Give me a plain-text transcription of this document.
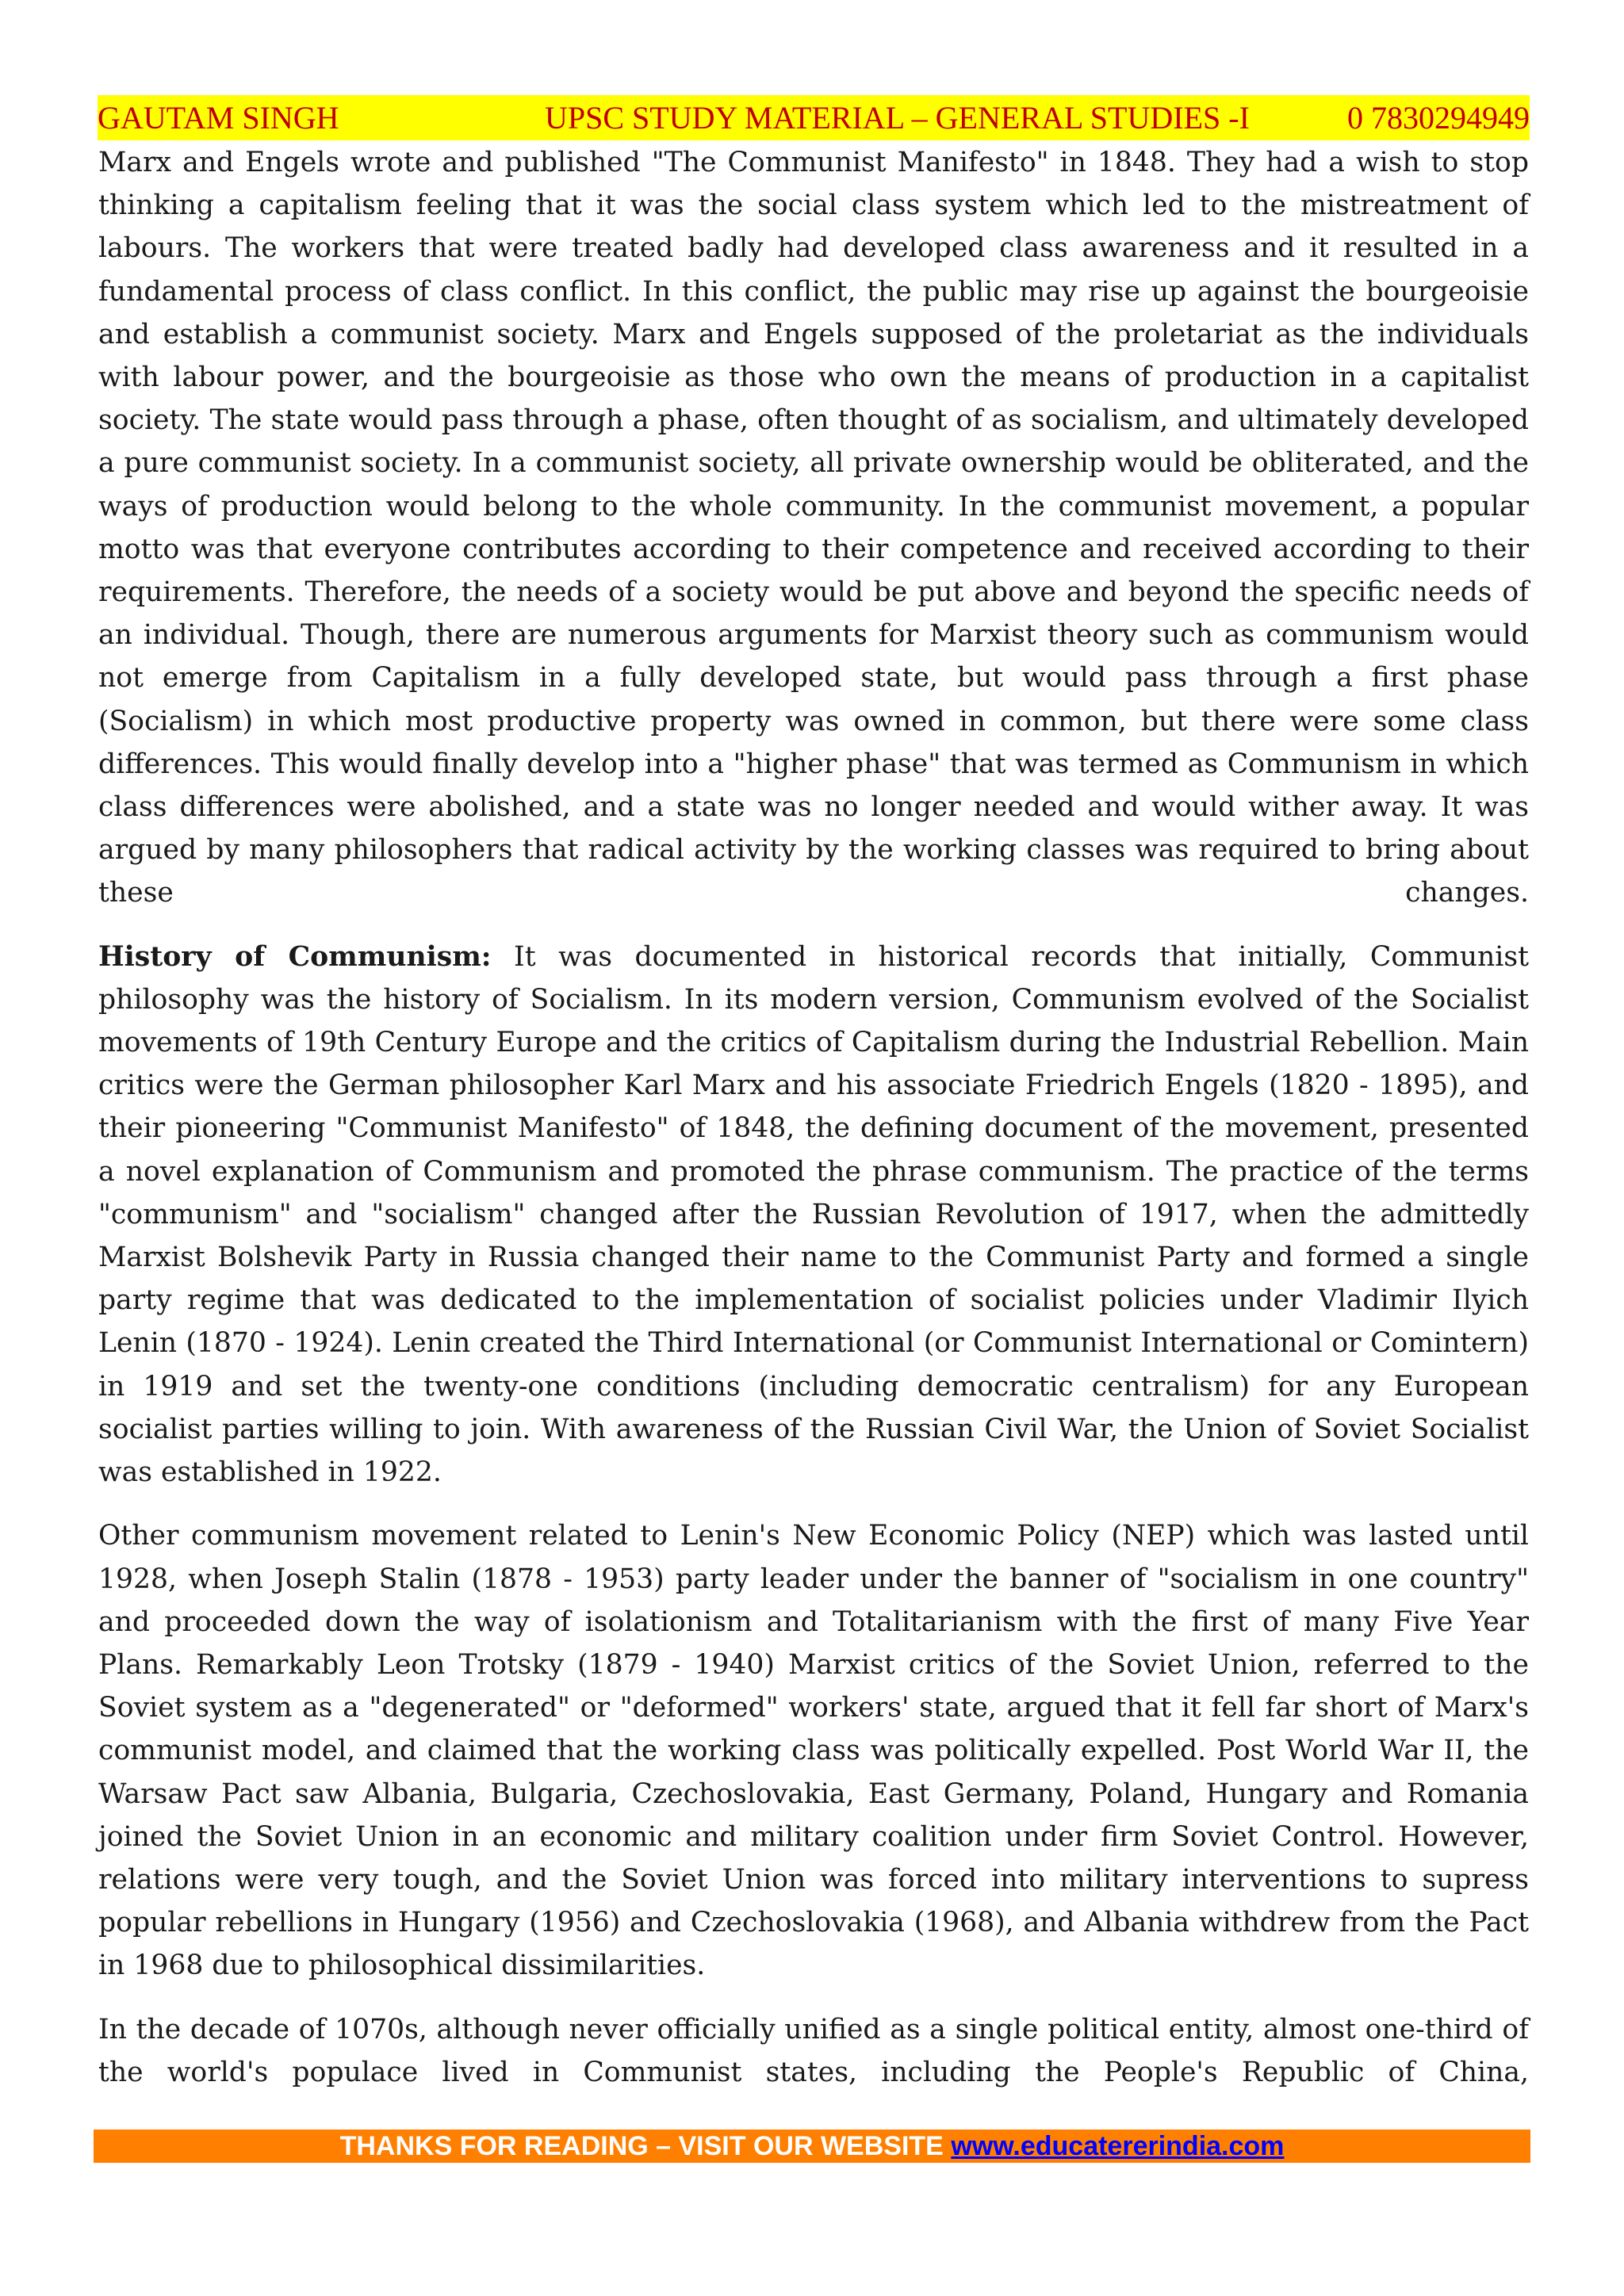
GAUTAM SINGH	UPSC STUDY MATERIAL – GENERAL STUDIES -I	0 7830294949

Marx and Engels wrote and published "The Communist Manifesto" in 1848. They had a wish to stop thinking a capitalism feeling that it was the social class system which led to the mistreatment of labours. The workers that were treated badly had developed class awareness and it resulted in a fundamental process of class conflict. In this conflict, the public may rise up against the bourgeoisie and establish a communist society. Marx and Engels supposed of the proletariat as the individuals with labour power, and the bourgeoisie as those who own the means of production in a capitalist society. The state would pass through a phase, often thought of as socialism, and ultimately developed a pure communist society. In a communist society, all private ownership would be obliterated, and the ways of production would belong to the whole community. In the communist movement, a popular motto was that everyone contributes according to their competence and received according to their requirements. Therefore, the needs of a society would be put above and beyond the specific needs of an individual. Though, there are numerous arguments for Marxist theory such as communism would not emerge from Capitalism in a fully developed state, but would pass through a first phase (Socialism) in which most productive property was owned in common, but there were some class differences. This would finally develop into a "higher phase" that was termed as Communism in which class differences were abolished, and a state was no longer needed and would wither away. It was argued by many philosophers that radical activity by the working classes was required to bring about these changes.

History of Communism: It was documented in historical records that initially, Communist philosophy was the history of Socialism. In its modern version, Communism evolved of the Socialist movements of 19th Century Europe and the critics of Capitalism during the Industrial Rebellion. Main critics were the German philosopher Karl Marx and his associate Friedrich Engels (1820 - 1895), and their pioneering "Communist Manifesto" of 1848, the defining document of the movement, presented a novel explanation of Communism and promoted the phrase communism. The practice of the terms "communism" and "socialism" changed after the Russian Revolution of 1917, when the admittedly Marxist Bolshevik Party in Russia changed their name to the Communist Party and formed a single party regime that was dedicated to the implementation of socialist policies under Vladimir Ilyich Lenin (1870 - 1924). Lenin created the Third International (or Communist International or Comintern) in 1919 and set the twenty-one conditions (including democratic centralism) for any European socialist parties willing to join. With awareness of the Russian Civil War, the Union of Soviet Socialist was established in 1922.

Other communism movement related to Lenin's New Economic Policy (NEP) which was lasted until 1928, when Joseph Stalin (1878 - 1953) party leader under the banner of "socialism in one country" and proceeded down the way of isolationism and Totalitarianism with the first of many Five Year Plans. Remarkably Leon Trotsky (1879 - 1940) Marxist critics of the Soviet Union, referred to the Soviet system as a "degenerated" or "deformed" workers' state, argued that it fell far short of Marx's communist model, and claimed that the working class was politically expelled. Post World War II, the Warsaw Pact saw Albania, Bulgaria, Czechoslovakia, East Germany, Poland, Hungary and Romania joined the Soviet Union in an economic and military coalition under firm Soviet Control. However, relations were very tough, and the Soviet Union was forced into military interventions to supress popular rebellions in Hungary (1956) and Czechoslovakia (1968), and Albania withdrew from the Pact in 1968 due to philosophical dissimilarities.

In the decade of 1070s, although never officially unified as a single political entity, almost one-third of the world's populace lived in Communist states, including the People's Republic of China,

THANKS FOR READING – VISIT OUR WEBSITE www.educatererindia.com
